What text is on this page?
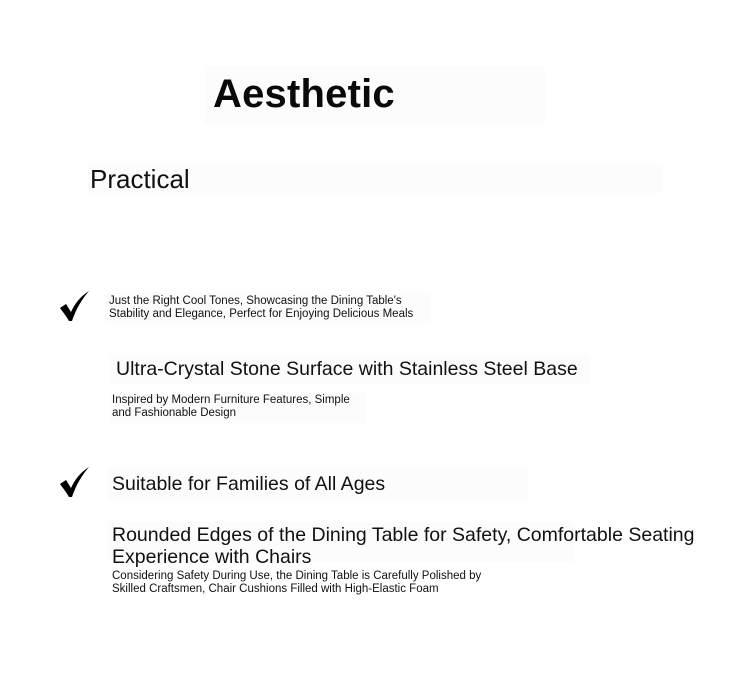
Aesthetic
Practical
Just the Right Cool Tones, Showcasing the Dining Table's
Stability and Elegance, Perfect for Enjoying Delicious Meals
Ultra-Crystal Stone Surface with Stainless Steel Base
Inspired by Modern Furniture Features, Simple
and Fashionable Design
Suitable for Families of All Ages
Rounded Edges of the Dining Table for Safety, Comfortable Seating
Experience with Chairs
Considering Safety During Use, the Dining Table is Carefully Polished by
Skilled Craftsmen, Chair Cushions Filled with High-Elastic Foam
